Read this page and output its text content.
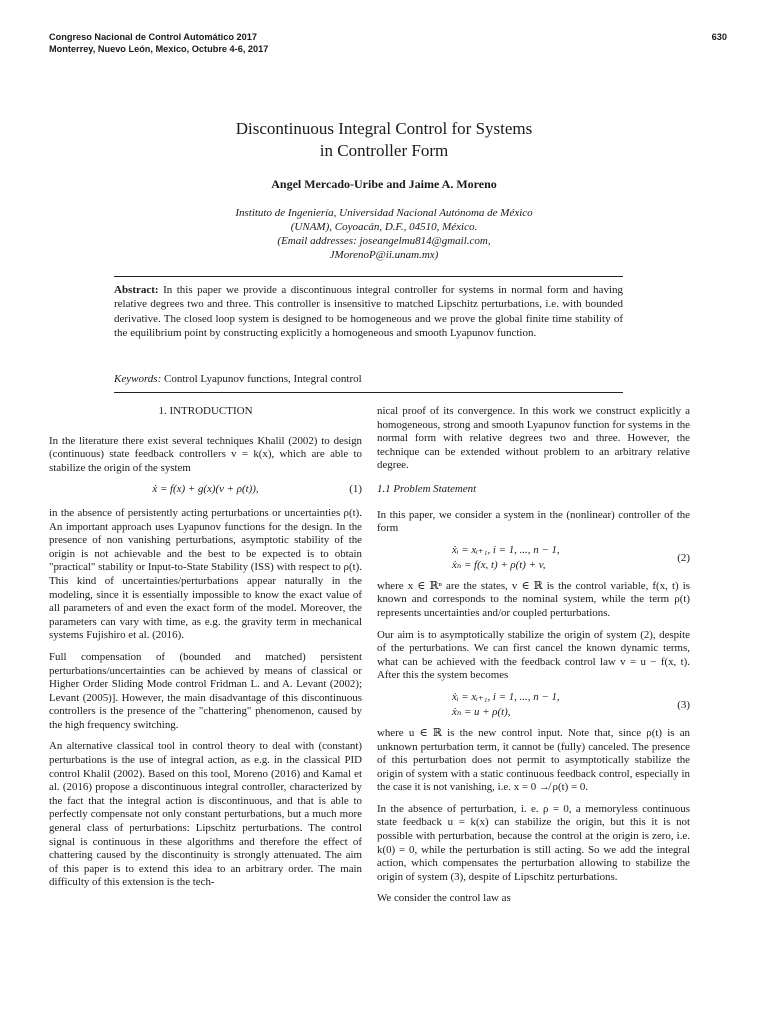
Congreso Nacional de Control Automático 2017
Monterrey, Nuevo León, Mexico, Octubre 4-6, 2017
630
Discontinuous Integral Control for Systems
in Controller Form
Angel Mercado-Uribe and Jaime A. Moreno
Instituto de Ingeniería, Universidad Nacional Autónoma de México
(UNAM), Coyoacán, D.F., 04510, México.
(Email addresses: joseangelmu814@gmail.com,
JMorenoP@ii.unam.mx)
Abstract: In this paper we provide a discontinuous integral controller for systems in normal form and having relative degrees two and three. This controller is insensitive to matched Lipschitz perturbations, i.e. with bounded derivative. The closed loop system is designed to be homogeneous and we prove the global finite time stability of the equilibrium point by constructing explicitly a homogeneous and smooth Lyapunov function.
Keywords: Control Lyapunov functions, Integral control
1. INTRODUCTION

In the literature there exist several techniques Khalil (2002) to design (continuous) state feedback controllers v = k(x), which are able to stabilize the origin of the system

ẋ = f(x) + g(x)(v + ρ(t)),	(1)

in the absence of persistently acting perturbations or uncertainties ρ(t). An important approach uses Lyapunov functions for the design. In the presence of non vanishing perturbations, asymptotic stability of the origin is not achievable and the best to be expected is to obtain "practical" stability or Input-to-State Stability (ISS) with respect to ρ(t). This kind of uncertainties/perturbations appear naturally in the modeling, since it is essentially impossible to know the exact value of all parameters of and even the exact form of the model. Moreover, the parameters can vary with time, as e.g. the gravity term in mechanical systems Fujishiro et al. (2016).

Full compensation of (bounded and matched) persistent perturbations/uncertainties can be achieved by means of classical or Higher Order Sliding Mode control Fridman L. and A. Levant (2002); Levant (2005)]. However, the main disadvantage of this discontinuous controllers is the presence of the "chattering" phenomenon, caused by the high frequency switching.

An alternative classical tool in control theory to deal with (constant) perturbations is the use of integral action, as e.g. in the classical PID control Khalil (2002). Based on this tool, Moreno (2016) and Kamal et al. (2016) propose a discontinuous integral controller, characterized by the fact that the integral action is discontinuous, and that is able to perfectly compensate not only constant perturbations, but a much more general class of perturbations: Lipschitz perturbations. The control signal is continuous in these algorithms and therefore the effect of chattering caused by the discontinuity is strongly attenuated. The aim of this paper is to extend this idea to an arbitrary order. The main difficulty of this extension is the tech-

nical proof of its convergence. In this work we construct explicitly a homogeneous, strong and smooth Lyapunov function for systems in the normal form with relative degrees two and three. However, the technique can be extended without problem to an arbitrary relative degree.

1.1 Problem Statement

In this paper, we consider a system in the (nonlinear) controller of the form

ẋᵢ = xᵢ₊₁, i = 1, ..., n − 1,
ẋₙ = f(x, t) + ρ(t) + v,
(2)

where x ∈ ℝⁿ are the states, v ∈ ℝ is the control variable, f(x, t) is known and corresponds to the nominal system, while the term ρ(t) represents uncertainties and/or coupled perturbations.

Our aim is to asymptotically stabilize the origin of system (2), despite of the perturbations. We can first cancel the known dynamic terms, what can be achieved with the feedback control law v = u − f(x, t). After this the system becomes

ẋᵢ = xᵢ₊₁, i = 1, ..., n − 1,
ẋₙ = u + ρ(t),
(3)

where u ∈ ℝ is the new control input. Note that, since ρ(t) is an unknown perturbation term, it cannot be (fully) canceled. The presence of this perturbation does not permit to asymptotically stabilize the origin of system with a static continuous feedback control, especially in the case it is not vanishing, i.e. x = 0 ↛ ρ(t) = 0.

In the absence of perturbation, i. e. ρ = 0, a memoryless continuous state feedback u = k(x) can stabilize the origin, but this it is not possible with perturbation, because the control at the origin is zero, i.e. k(0) = 0, while the perturbation is still acting. So we add the integral action, which compensates the perturbation allowing to stabilize the origin of system (3), despite of Lipschitz perturbations.

We consider the control law as
